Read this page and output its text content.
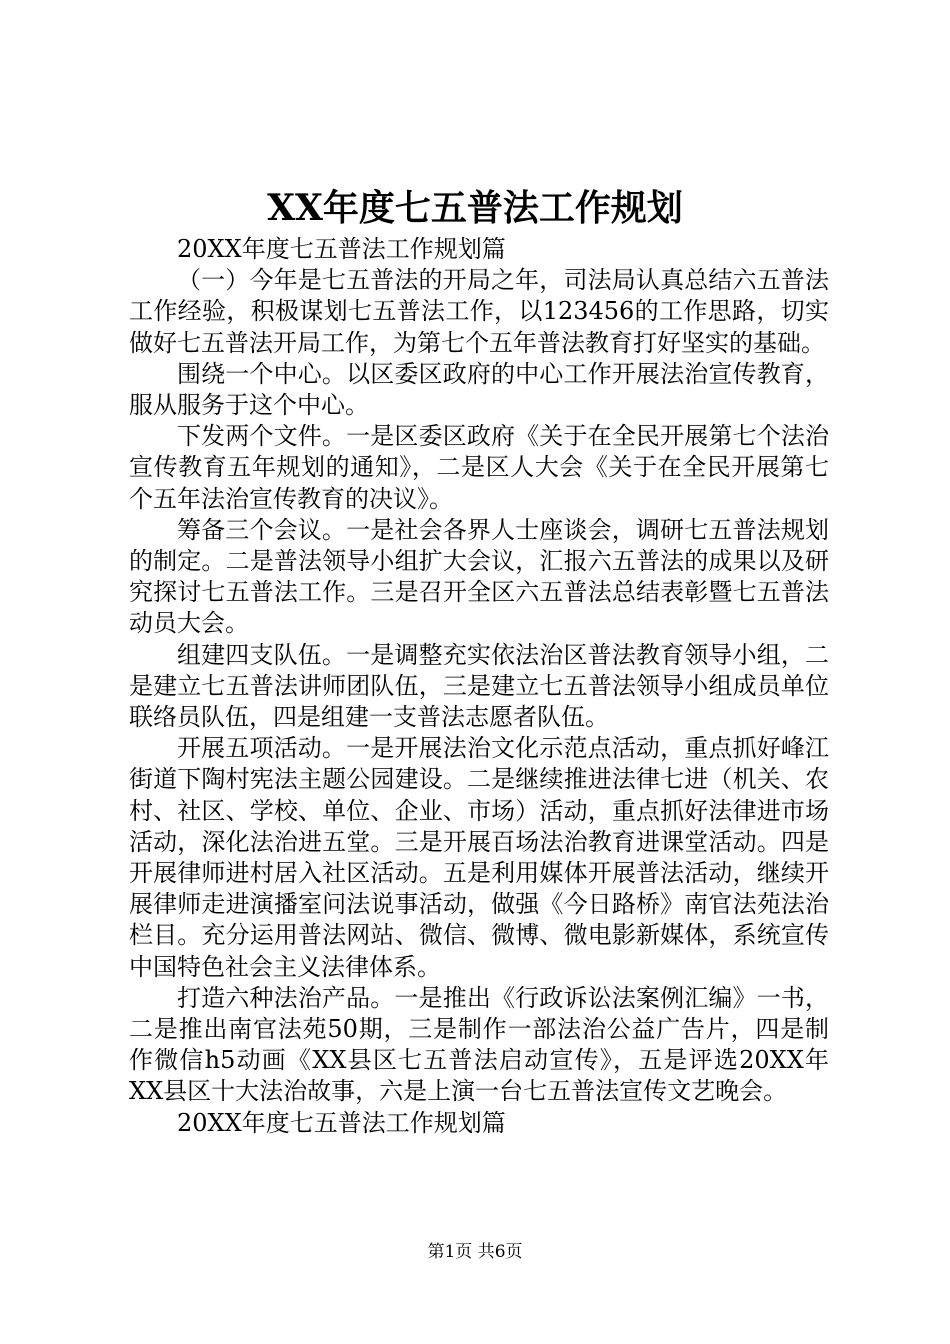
XX年度七五普法工作规划

20XX年度七五普法工作规划篇

（一）今年是七五普法的开局之年，司法局认真总结六五普法工作经验，积极谋划七五普法工作，以123456的工作思路，切实做好七五普法开局工作，为第七个五年普法教育打好坚实的基础。

围绕一个中心。以区委区政府的中心工作开展法治宣传教育，服从服务于这个中心。

下发两个文件。一是区委区政府《关于在全民开展第七个法治宣传教育五年规划的通知》，二是区人大会《关于在全民开展第七个五年法治宣传教育的决议》。

筹备三个会议。一是社会各界人士座谈会，调研七五普法规划的制定。二是普法领导小组扩大会议，汇报六五普法的成果以及研究探讨七五普法工作。三是召开全区六五普法总结表彰暨七五普法动员大会。

组建四支队伍。一是调整充实依法治区普法教育领导小组，二是建立七五普法讲师团队伍，三是建立七五普法领导小组成员单位联络员队伍，四是组建一支普法志愿者队伍。

开展五项活动。一是开展法治文化示范点活动，重点抓好峰江街道下陶村宪法主题公园建设。二是继续推进法律七进（机关、农村、社区、学校、单位、企业、市场）活动，重点抓好法律进市场活动，深化法治进五堂。三是开展百场法治教育进课堂活动。四是开展律师进村居入社区活动。五是利用媒体开展普法活动，继续开展律师走进演播室问法说事活动，做强《今日路桥》南官法苑法治栏目。充分运用普法网站、微信、微博、微电影新媒体，系统宣传中国特色社会主义法律体系。

打造六种法治产品。一是推出《行政诉讼法案例汇编》一书，二是推出南官法苑50期，三是制作一部法治公益广告片，四是制作微信h5动画《XX县区七五普法启动宣传》，五是评选20XX年XX县区十大法治故事，六是上演一台七五普法宣传文艺晚会。

20XX年度七五普法工作规划篇

第1页 共6页
